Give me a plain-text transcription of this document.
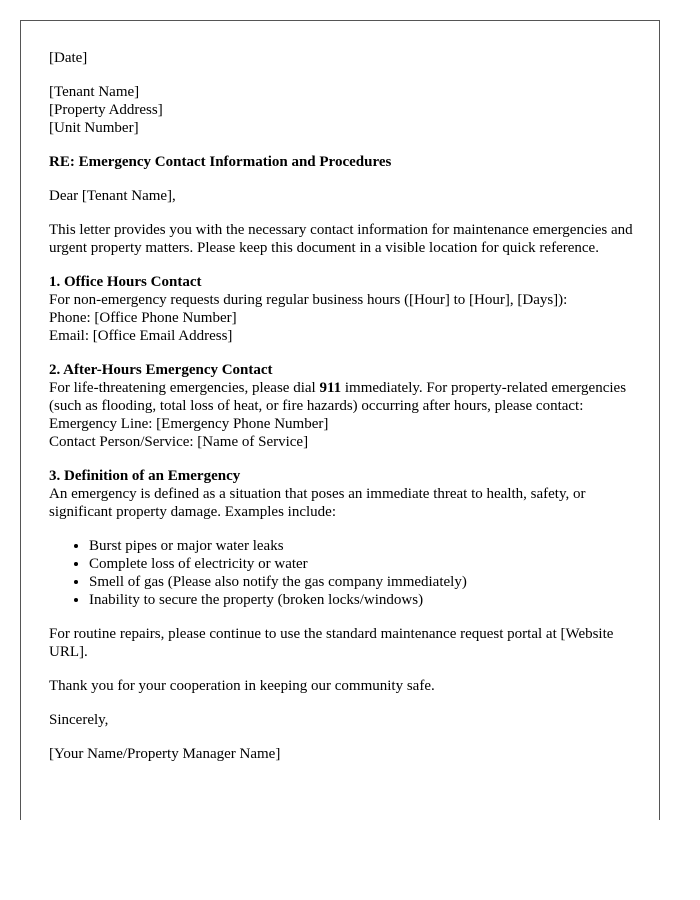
[Date]

[Tenant Name]
[Property Address]
[Unit Number]

RE: Emergency Contact Information and Procedures

Dear [Tenant Name],

This letter provides you with the necessary contact information for maintenance emergencies and urgent property matters. Please keep this document in a visible location for quick reference.

1. Office Hours Contact
For non-emergency requests during regular business hours ([Hour] to [Hour], [Days]):
Phone: [Office Phone Number]
Email: [Office Email Address]
2. After-Hours Emergency Contact
For life-threatening emergencies, please dial 911 immediately. For property-related emergencies (such as flooding, total loss of heat, or fire hazards) occurring after hours, please contact:
Emergency Line: [Emergency Phone Number]
Contact Person/Service: [Name of Service]
3. Definition of an Emergency

An emergency is defined as a situation that poses an immediate threat to health, safety, or significant property damage. Examples include:

• Burst pipes or major water leaks
• Complete loss of electricity or water
• Smell of gas (Please also notify the gas company immediately)
• Inability to secure the property (broken locks/windows)

For routine repairs, please continue to use the standard maintenance request portal at [Website URL].

Thank you for your cooperation in keeping our community safe.

Sincerely,

[Your Name/Property Manager Name]
